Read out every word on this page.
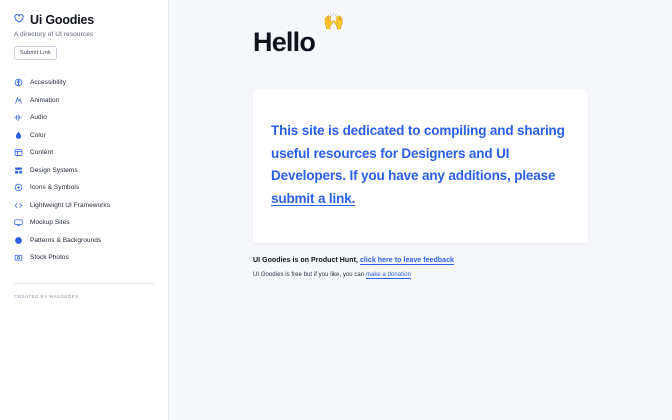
Ui Goodies
A directory of UI resources
Submit Link
Accessibility
Animation
Audio
Color
Content
Design Systems
Icons & Symbols
Lightweight UI Frameworks
Mockup Sites
Patterns & Backgrounds
Stock Photos
CREATED BY WASSEDEV
Hello
🙌

This site is dedicated to compiling and sharing useful resources for Designers and UI Developers. If you have any additions, please submit a link.

UI Goodies is on Product Hunt, click here to leave feedback

UI Goodies is free but if you like, you can make a donation
